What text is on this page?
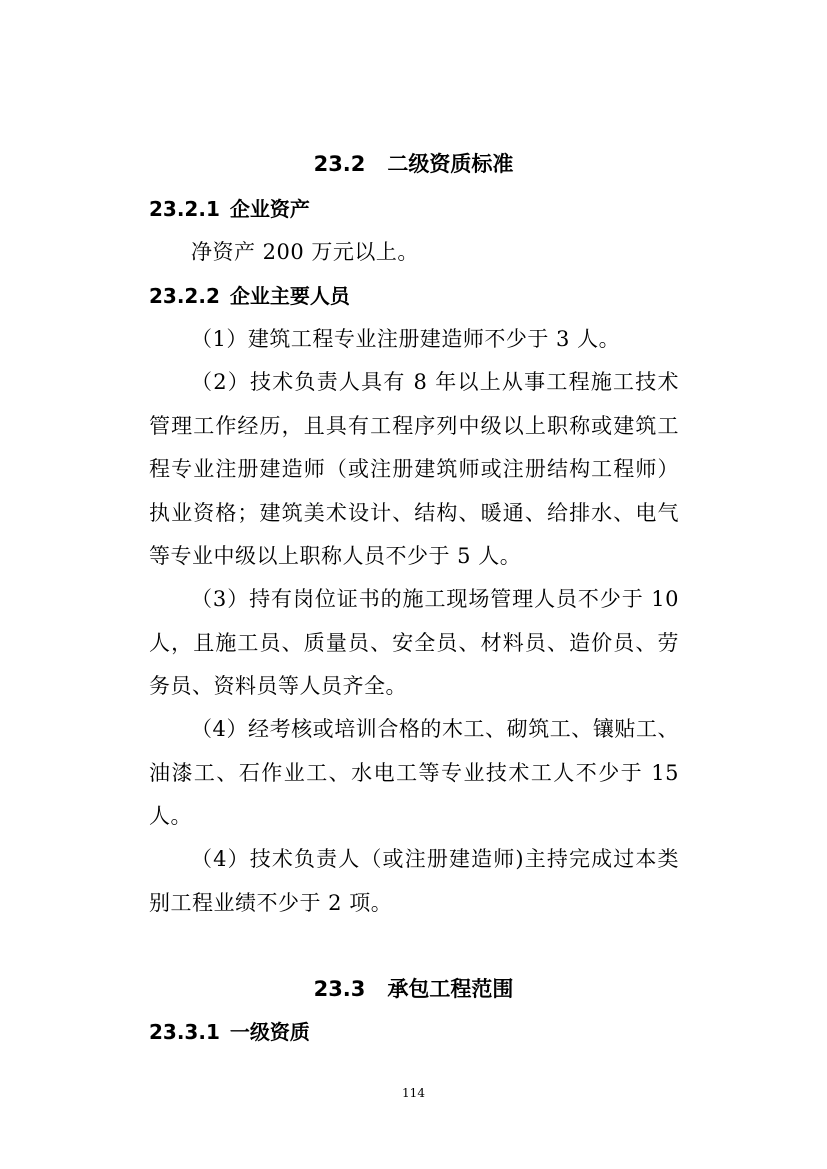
23.2 二级资质标准
23.2.1 企业资产
净资产 200 万元以上。
23.2.2 企业主要人员
（1）建筑工程专业注册建造师不少于 3 人。
（2）技术负责人具有 8 年以上从事工程施工技术
管理工作经历，且具有工程序列中级以上职称或建筑工
程专业注册建造师（或注册建筑师或注册结构工程师）
执业资格；建筑美术设计、结构、暖通、给排水、电气
等专业中级以上职称人员不少于 5 人。
（3）持有岗位证书的施工现场管理人员不少于 10
人，且施工员、质量员、安全员、材料员、造价员、劳
务员、资料员等人员齐全。
（4）经考核或培训合格的木工、砌筑工、镶贴工、
油漆工、石作业工、水电工等专业技术工人不少于 15
人。
（4）技术负责人（或注册建造师)主持完成过本类
别工程业绩不少于 2 项。
23.3 承包工程范围
23.3.1 一级资质
114
